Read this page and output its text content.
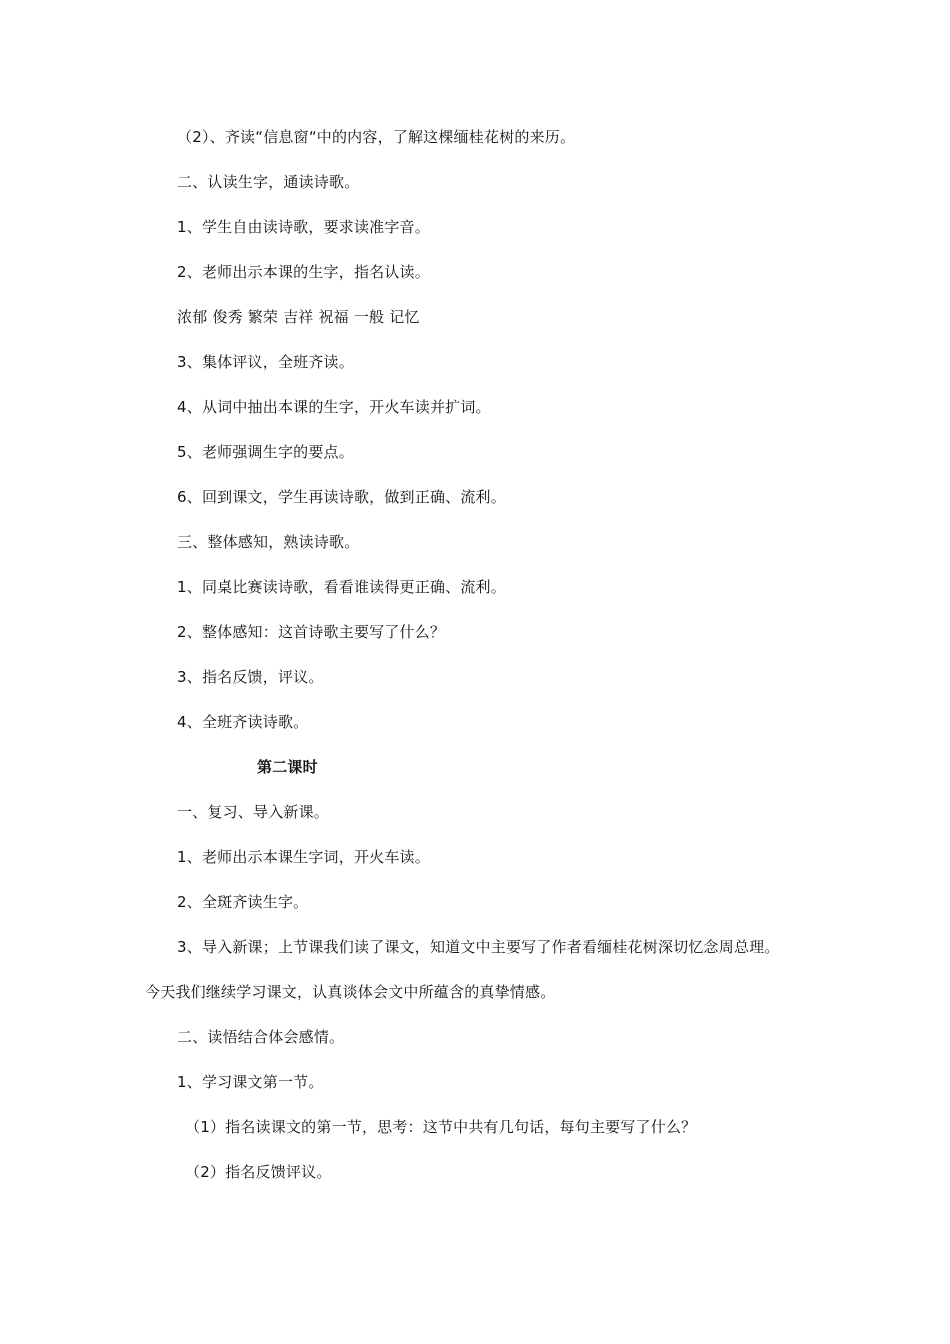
（2）、齐读“信息窗“中的内容，了解这棵缅桂花树的来历。
二、认读生字，通读诗歌。
1、学生自由读诗歌，要求读准字音。
2、老师出示本课的生字，指名认读。
浓郁 俊秀 繁荣 吉祥 祝福 一般 记忆
3、集体评议，全班齐读。
4、从词中抽出本课的生字，开火车读并扩词。
5、老师强调生字的要点。
6、回到课文，学生再读诗歌，做到正确、流利。
三、整体感知，熟读诗歌。
1、同桌比赛读诗歌，看看谁读得更正确、流利。
2、整体感知：这首诗歌主要写了什么？
3、指名反馈，评议。
4、全班齐读诗歌。
第二课时
一、复习、导入新课。
1、老师出示本课生字词，开火车读。
2、全斑齐读生字。
3、导入新课；上节课我们读了课文，知道文中主要写了作者看缅桂花树深切忆念周总理。
今天我们继续学习课文，认真谈体会文中所蕴含的真挚情感。
二、读悟结合体会感情。
1、学习课文第一节。
（1）指名读课文的第一节，思考：这节中共有几句话，每句主要写了什么？
（2）指名反馈评议。
